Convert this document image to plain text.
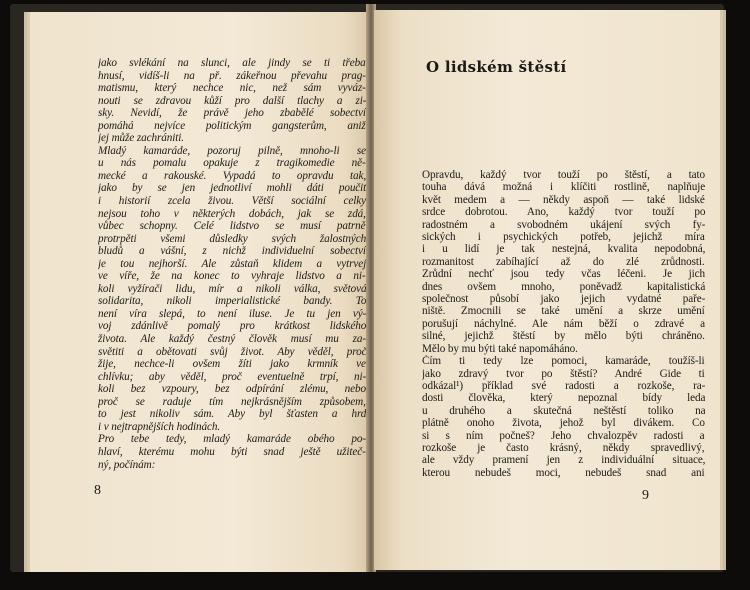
jako svlékání na slunci, ale jindy se ti třeba
hnusí, vidíš-li na př. zákeřnou převahu prag-
matismu, který nechce nic, než sám vyváz-
nouti se zdravou kůží pro další tlachy a zi-
sky. Nevidí, že právě jeho zbabělé sobectví
pomáhá nejvíce politickým gangsterům, aniž
jej může zachrániti.
Mladý kamaráde, pozoruj pilně, mnoho-li se
u nás pomalu opakuje z tragikomedie ně-
mecké a rakouské. Vypadá to opravdu tak,
jako by se jen jednotliví mohli dáti poučit
i historií zcela živou. Větší sociální celky
nejsou toho v některých dobách, jak se zdá,
vůbec schopny. Celé lidstvo se musí patrně
protrpěti všemi důsledky svých žalostných
bludů a vášní, z nichž individuelní sobectví
je tou nejhorší. Ale zůstaň klidem a vytrvej
ve víře, že na konec to vyhraje lidstvo a ni-
koli vyžírači lidu, mír a nikoli válka, světová
solidarita, nikoli imperialistické bandy. To
není víra slepá, to není iluse. Je tu jen vý-
voj zdánlivě pomalý pro krátkost lidského
života. Ale každý čestný člověk musí mu za-
světiti a obětovati svůj život. Aby věděl, proč
žije, nechce-li ovšem žíti jako krmník ve
chlívku; aby věděl, proč eventuelně trpí, ni-
koli bez vzpoury, bez odpírání zlému, nebo
proč se raduje tím nejkrásnějším způsobem,
to jest nikoliv sám. Aby byl šťasten a hrd
i v nejtrapnějších hodinách.
Pro tebe tedy, mladý kamaráde obého po-
hlaví, kterému mohu býti snad ještě užiteč-
ný, počínám:
8
O lidském štěstí
Opravdu, každý tvor touží po štěstí, a tato
touha dává možná i klíčiti rostlině, naplňuje
květ medem a — někdy aspoň — také lidské
srdce dobrotou. Ano, každý tvor touží po
radostném a svobodném ukájení svých fy-
sických i psychických potřeb, jejichž míra
i u lidí je tak nestejná, kvalita nepodobná,
rozmanitost zabíhající až do zlé zrůdnosti.
Zrůdní nechť jsou tedy včas léčeni. Je jich
dnes ovšem mnoho, poněvadž kapitalistická
společnost působí jako jejich vydatné paře-
niště. Zmocnili se také umění a skrze umění
porušují náchylné. Ale nám běží o zdravé a
silné, jejichž štěstí by mělo býti chráněno.
Mělo by mu býti také napomáháno.
Čím ti tedy lze pomoci, kamaráde, toužíš-li
jako zdravý tvor po štěstí? André Gide ti
odkázal¹) příklad své radosti a rozkoše, ra-
dosti člověka, který nepoznal bídy leda
u druhého a skutečná neštěstí toliko na
plátně onoho života, jehož byl divákem. Co
si s ním počneš? Jeho chvalozpěv radosti a
rozkoše je často krásný, někdy spravedlivý,
ale vždy pramení jen z individuální situace,
kterou nebudeš moci, nebudeš snad ani
9
